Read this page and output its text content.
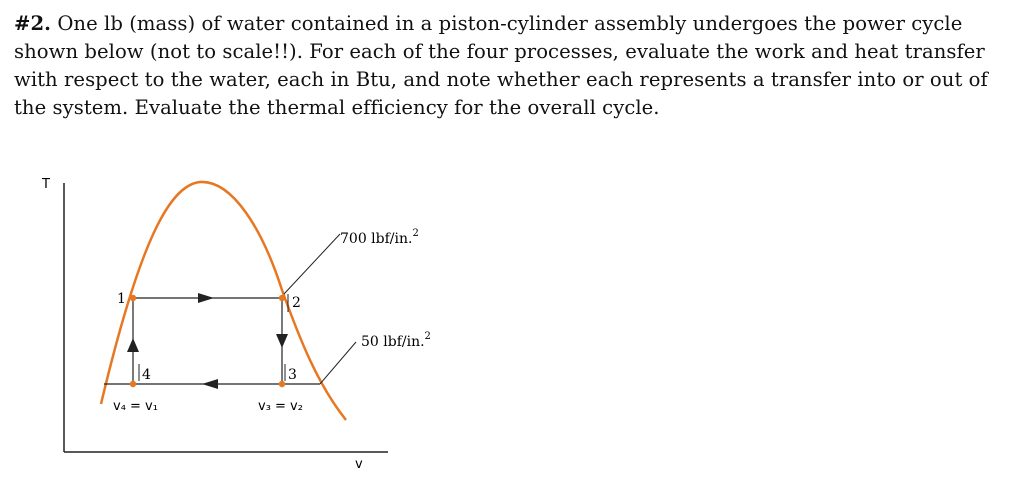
#2. One lb (mass) of water contained in a piston-cylinder assembly undergoes the power cycle shown below (not to scale!!). For each of the four processes, evaluate the work and heat transfer with respect to the water, each in Btu, and note whether each represents a transfer into or out of the system. Evaluate the thermal efficiency for the overall cycle.

T
v
1	2
3
4
700 lbf/in.$^2$
50 lbf/in.$^2$
v₄ = v₁	v₃ = v₂
